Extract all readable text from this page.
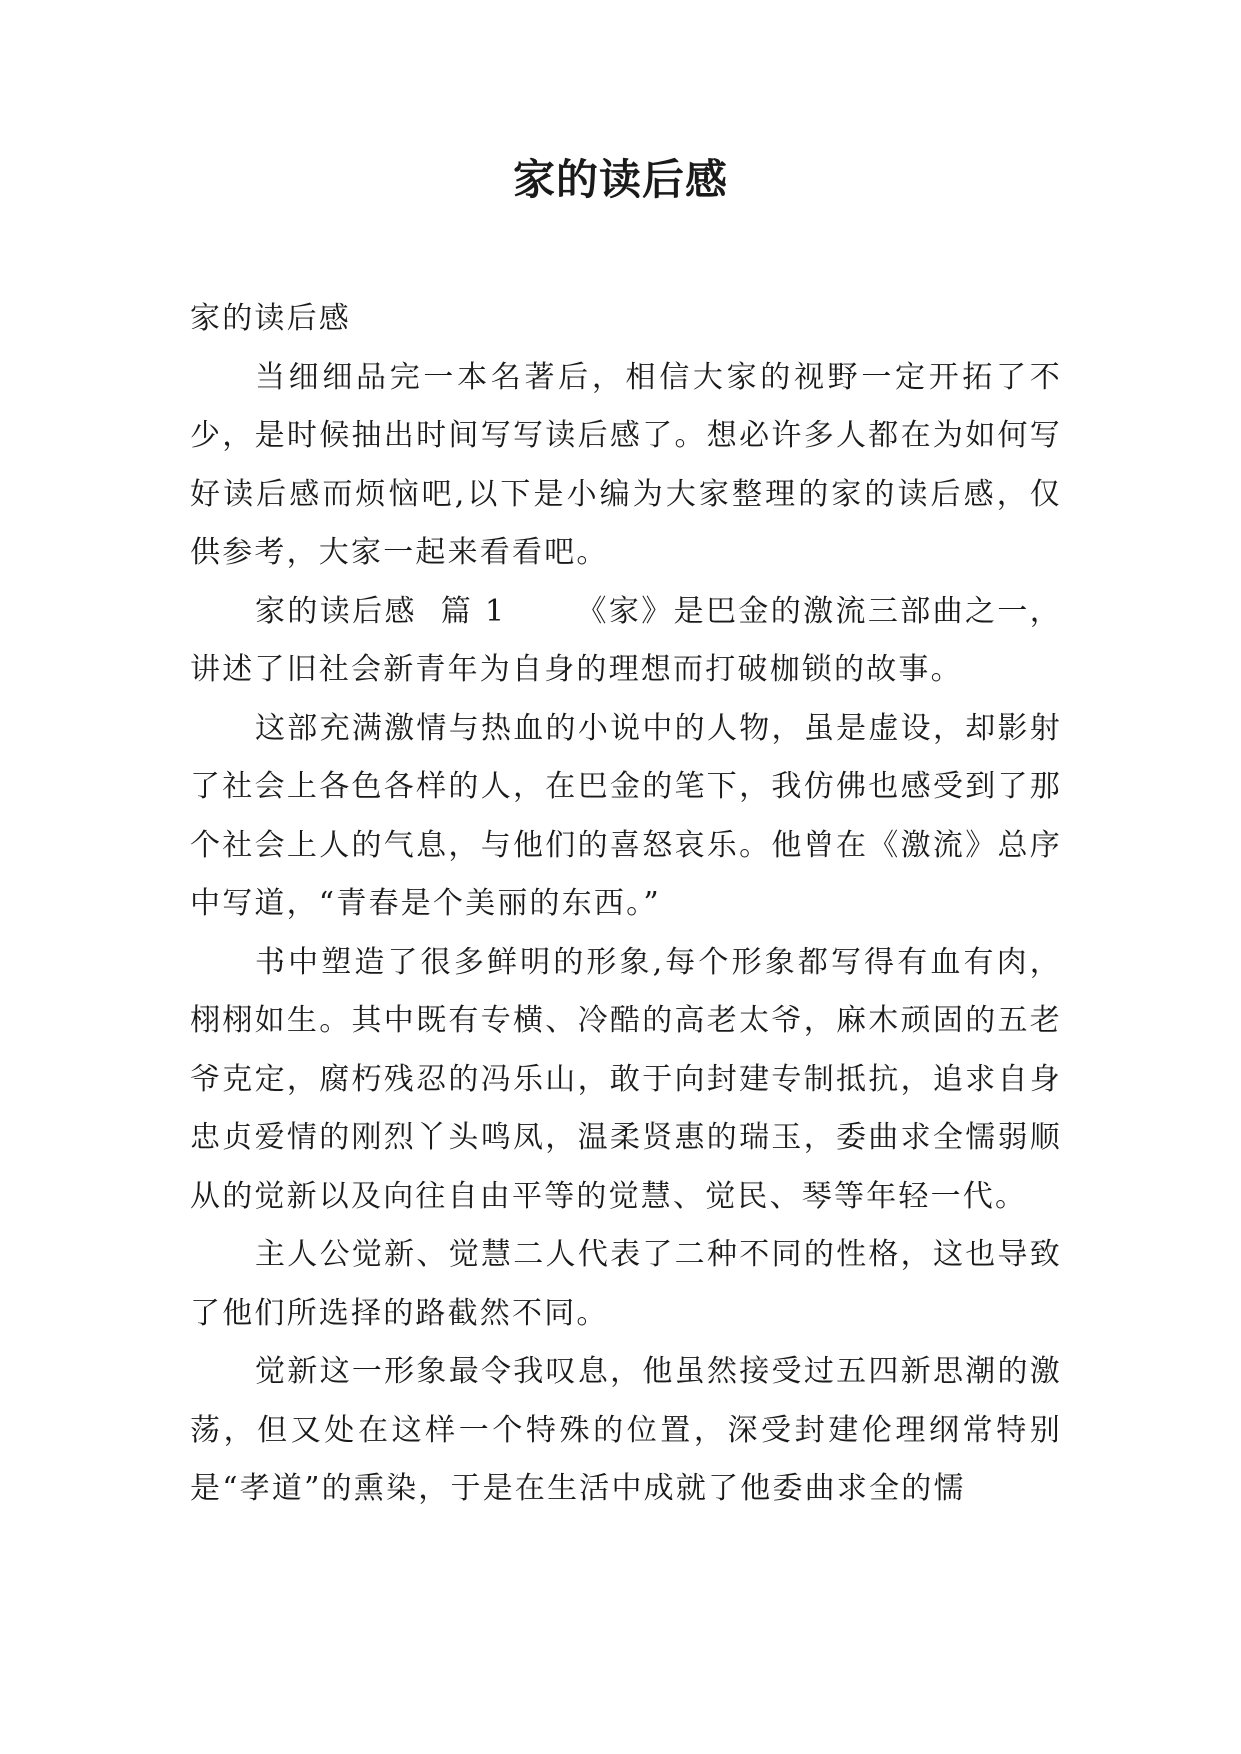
家的读后感

家的读后感

当细细品完一本名著后，相信大家的视野一定开拓了不少，是时候抽出时间写写读后感了。想必许多人都在为如何写好读后感而烦恼吧,以下是小编为大家整理的家的读后感，仅供参考，大家一起来看看吧。

家的读后感  篇 1 《家》是巴金的激流三部曲之一，讲述了旧社会新青年为自身的理想而打破枷锁的故事。

这部充满激情与热血的小说中的人物，虽是虚设，却影射了社会上各色各样的人，在巴金的笔下，我仿佛也感受到了那个社会上人的气息，与他们的喜怒哀乐。他曾在《激流》总序中写道，“青春是个美丽的东西。”

书中塑造了很多鲜明的形象,每个形象都写得有血有肉，栩栩如生。其中既有专横、冷酷的高老太爷，麻木顽固的五老爷克定，腐朽残忍的冯乐山，敢于向封建专制抵抗，追求自身忠贞爱情的刚烈丫头鸣凤，温柔贤惠的瑞玉，委曲求全懦弱顺从的觉新以及向往自由平等的觉慧、觉民、琴等年轻一代。

主人公觉新、觉慧二人代表了二种不同的性格，这也导致了他们所选择的路截然不同。

觉新这一形象最令我叹息，他虽然接受过五四新思潮的激荡，但又处在这样一个特殊的位置，深受封建伦理纲常特别是“孝道”的熏染，于是在生活中成就了他委曲求全的懦
